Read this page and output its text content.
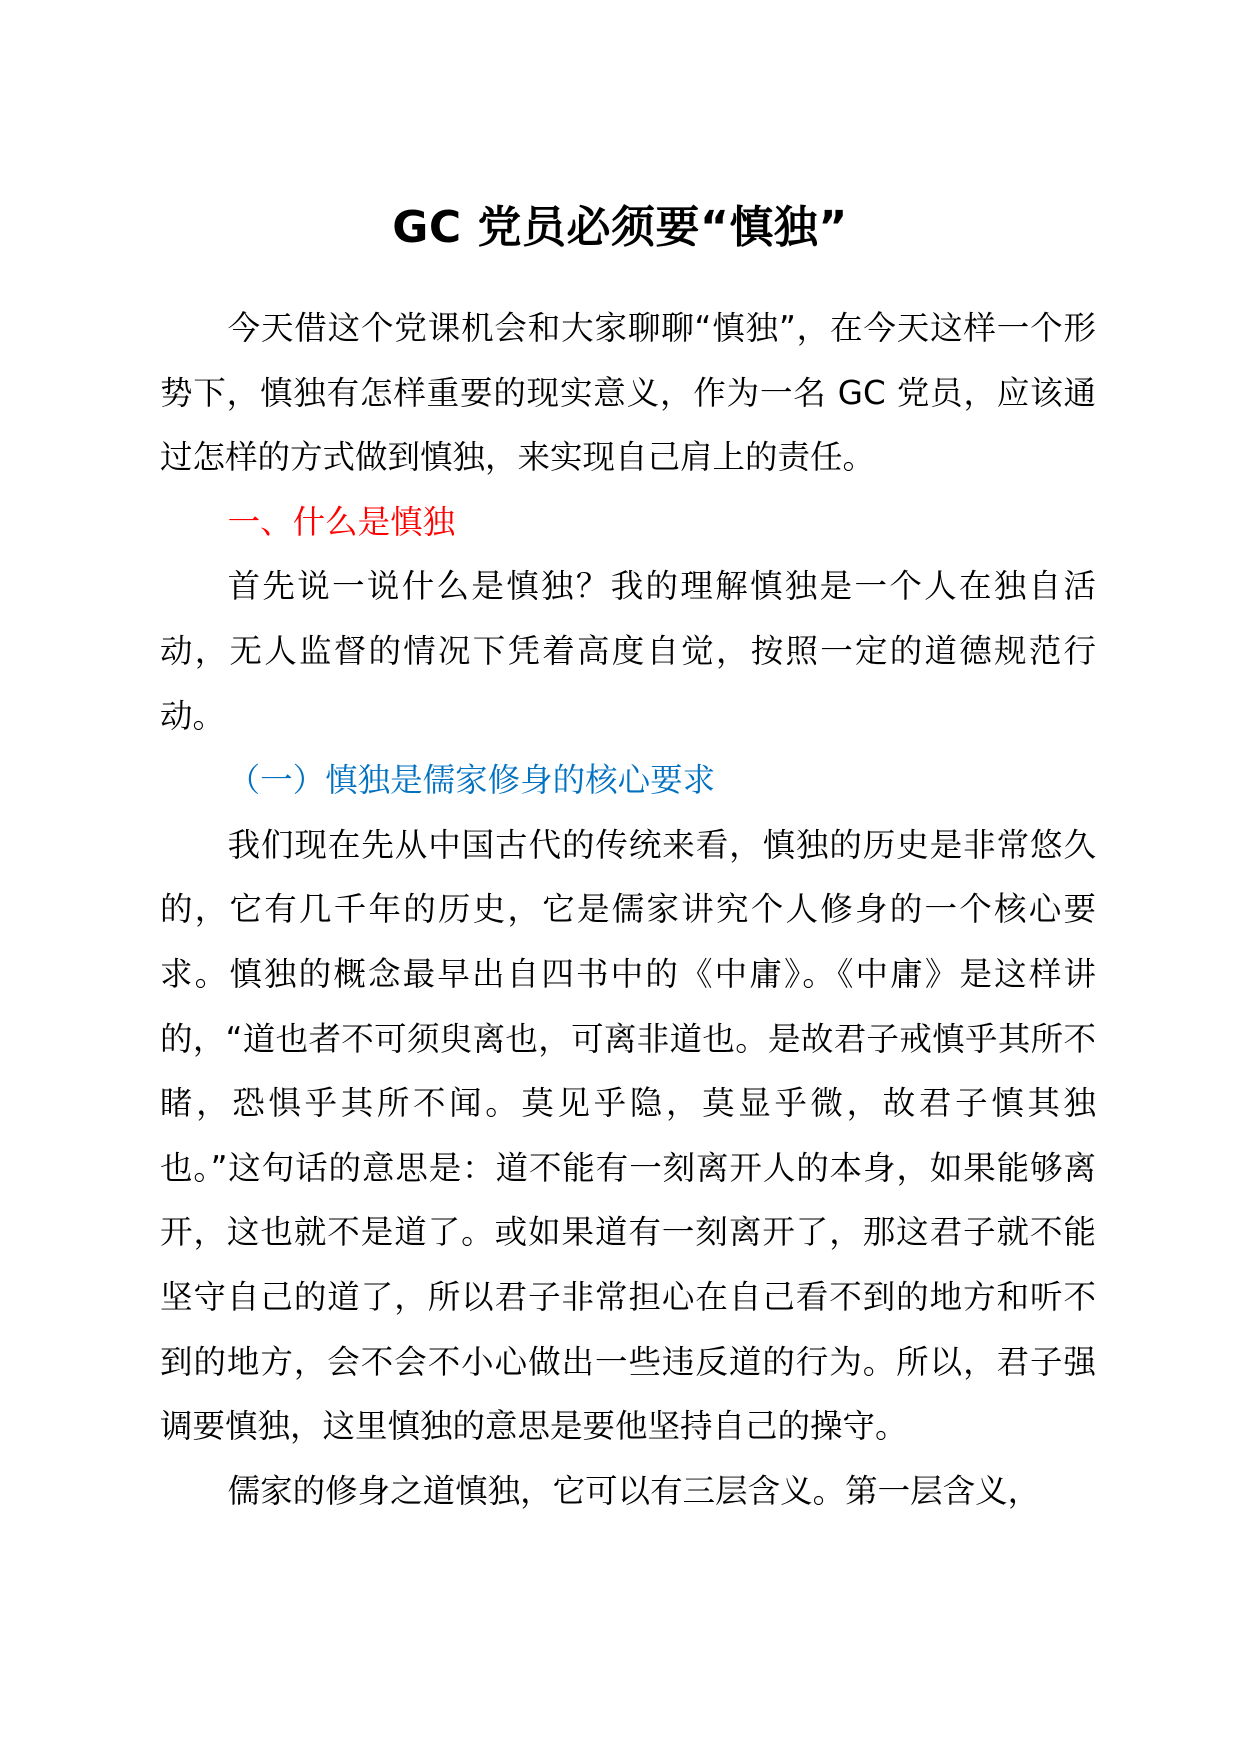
GC 党员必须要“慎独”

今天借这个党课机会和大家聊聊“慎独”，在今天这样一个形势下，慎独有怎样重要的现实意义，作为一名 GC 党员，应该通过怎样的方式做到慎独，来实现自己肩上的责任。

一、什么是慎独

首先说一说什么是慎独？我的理解慎独是一个人在独自活动，无人监督的情况下凭着高度自觉，按照一定的道德规范行动。

（一）慎独是儒家修身的核心要求

我们现在先从中国古代的传统来看，慎独的历史是非常悠久的，它有几千年的历史，它是儒家讲究个人修身的一个核心要求。慎独的概念最早出自四书中的《中庸》。《中庸》是这样讲的，“道也者不可须臾离也，可离非道也。是故君子戒慎乎其所不睹，恐惧乎其所不闻。莫见乎隐，莫显乎微，故君子慎其独也。”这句话的意思是：道不能有一刻离开人的本身，如果能够离开，这也就不是道了。或如果道有一刻离开了，那这君子就不能坚守自己的道了，所以君子非常担心在自己看不到的地方和听不到的地方，会不会不小心做出一些违反道的行为。所以，君子强调要慎独，这里慎独的意思是要他坚持自己的操守。

儒家的修身之道慎独，它可以有三层含义。第一层含义，
